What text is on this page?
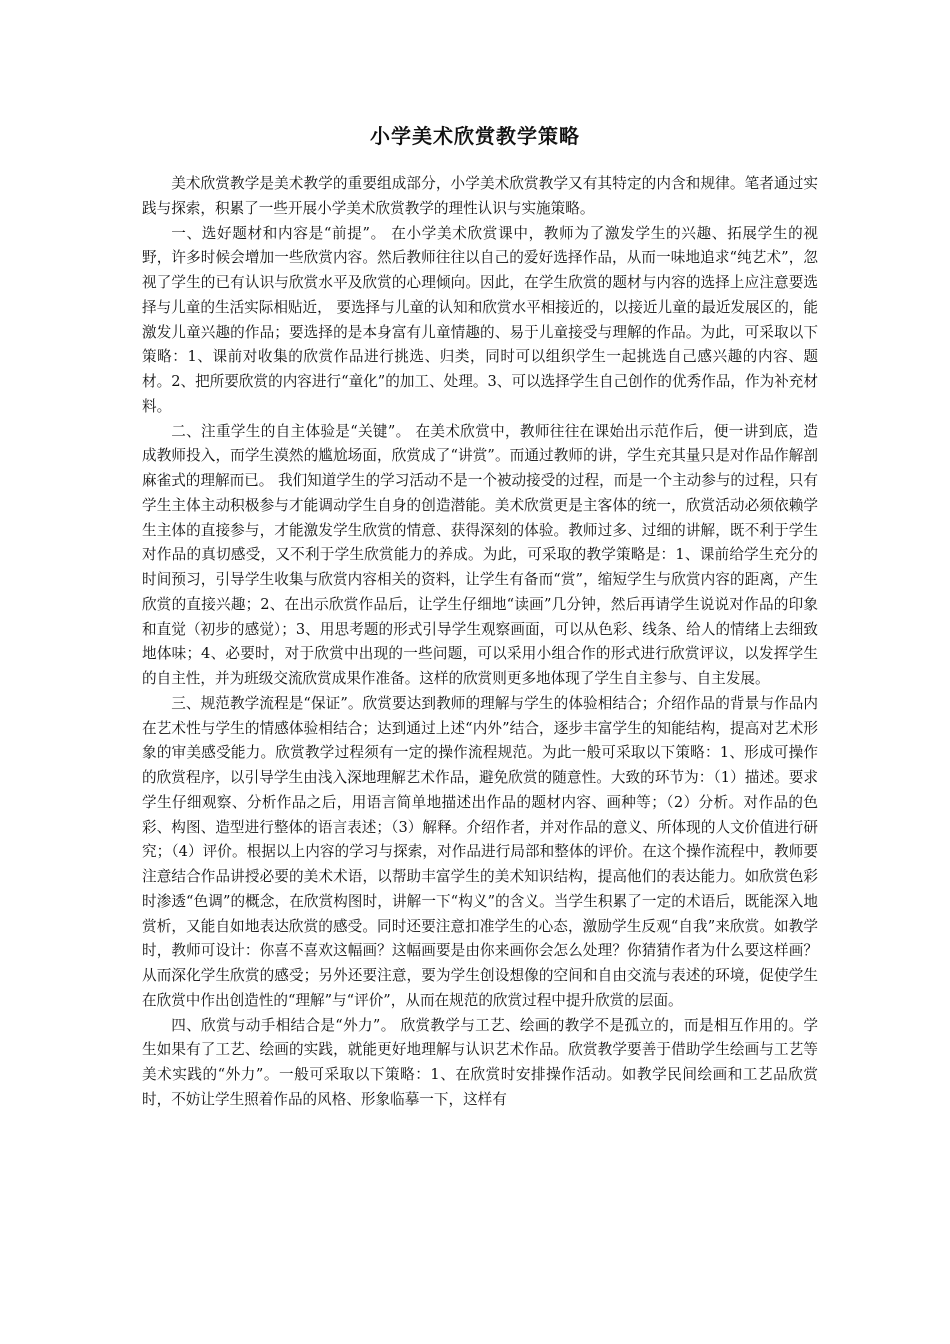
小学美术欣赏教学策略

美术欣赏教学是美术教学的重要组成部分，小学美术欣赏教学又有其特定的内含和规律。笔者通过实践与探索，积累了一些开展小学美术欣赏教学的理性认识与实施策略。

一、选好题材和内容是“前提”。 在小学美术欣赏课中，教师为了激发学生的兴趣、拓展学生的视野，许多时候会增加一些欣赏内容。然后教师往往以自己的爱好选择作品，从而一味地追求“纯艺术”，忽视了学生的已有认识与欣赏水平及欣赏的心理倾向。因此，在学生欣赏的题材与内容的选择上应注意要选择与儿童的生活实际相贴近， 要选择与儿童的认知和欣赏水平相接近的，以接近儿童的最近发展区的，能激发儿童兴趣的作品；要选择的是本身富有儿童情趣的、易于儿童接受与理解的作品。为此，可采取以下策略：1、课前对收集的欣赏作品进行挑选、归类，同时可以组织学生一起挑选自己感兴趣的内容、题材。2、把所要欣赏的内容进行“童化”的加工、处理。3、可以选择学生自己创作的优秀作品，作为补充材料。

二、注重学生的自主体验是“关键”。 在美术欣赏中，教师往往在课始出示范作后，便一讲到底，造成教师投入，而学生漠然的尴尬场面，欣赏成了“讲赏”。而通过教师的讲，学生充其量只是对作品作解剖麻雀式的理解而已。 我们知道学生的学习活动不是一个被动接受的过程，而是一个主动参与的过程，只有学生主体主动积极参与才能调动学生自身的创造潜能。美术欣赏更是主客体的统一，欣赏活动必须依赖学生主体的直接参与，才能激发学生欣赏的情意、获得深刻的体验。教师过多、过细的讲解，既不利于学生对作品的真切感受，又不利于学生欣赏能力的养成。为此，可采取的教学策略是：1、课前给学生充分的时间预习，引导学生收集与欣赏内容相关的资料，让学生有备而“赏”，缩短学生与欣赏内容的距离，产生欣赏的直接兴趣；2、在出示欣赏作品后，让学生仔细地“读画”几分钟，然后再请学生说说对作品的印象和直觉（初步的感觉）；3、用思考题的形式引导学生观察画面，可以从色彩、线条、给人的情绪上去细致地体味；4、必要时，对于欣赏中出现的一些问题，可以采用小组合作的形式进行欣赏评议，以发挥学生的自主性，并为班级交流欣赏成果作准备。这样的欣赏则更多地体现了学生自主参与、自主发展。

三、规范教学流程是“保证”。欣赏要达到教师的理解与学生的体验相结合；介绍作品的背景与作品内在艺术性与学生的情感体验相结合；达到通过上述“内外”结合，逐步丰富学生的知能结构，提高对艺术形象的审美感受能力。欣赏教学过程须有一定的操作流程规范。为此一般可采取以下策略：1、形成可操作的欣赏程序，以引导学生由浅入深地理解艺术作品，避免欣赏的随意性。大致的环节为：（1）描述。要求学生仔细观察、分析作品之后，用语言简单地描述出作品的题材内容、画种等；（2）分析。对作品的色彩、构图、造型进行整体的语言表述；（3）解释。介绍作者，并对作品的意义、所体现的人文价值进行研究；（4）评价。根据以上内容的学习与探索，对作品进行局部和整体的评价。在这个操作流程中，教师要注意结合作品讲授必要的美术术语，以帮助丰富学生的美术知识结构，提高他们的表达能力。如欣赏色彩时渗透“色调”的概念，在欣赏构图时，讲解一下“构义”的含义。当学生积累了一定的术语后，既能深入地赏析，又能自如地表达欣赏的感受。同时还要注意扣准学生的心态，激励学生反观“自我”来欣赏。如教学时，教师可设计：你喜不喜欢这幅画？这幅画要是由你来画你会怎么处理？你猜猜作者为什么要这样画？从而深化学生欣赏的感受；另外还要注意，要为学生创设想像的空间和自由交流与表述的环境，促使学生在欣赏中作出创造性的“理解”与“评价”，从而在规范的欣赏过程中提升欣赏的层面。

四、欣赏与动手相结合是“外力”。 欣赏教学与工艺、绘画的教学不是孤立的，而是相互作用的。学生如果有了工艺、绘画的实践，就能更好地理解与认识艺术作品。欣赏教学要善于借助学生绘画与工艺等美术实践的“外力”。一般可采取以下策略：1、在欣赏时安排操作活动。如教学民间绘画和工艺品欣赏时，不妨让学生照着作品的风格、形象临摹一下，这样有
